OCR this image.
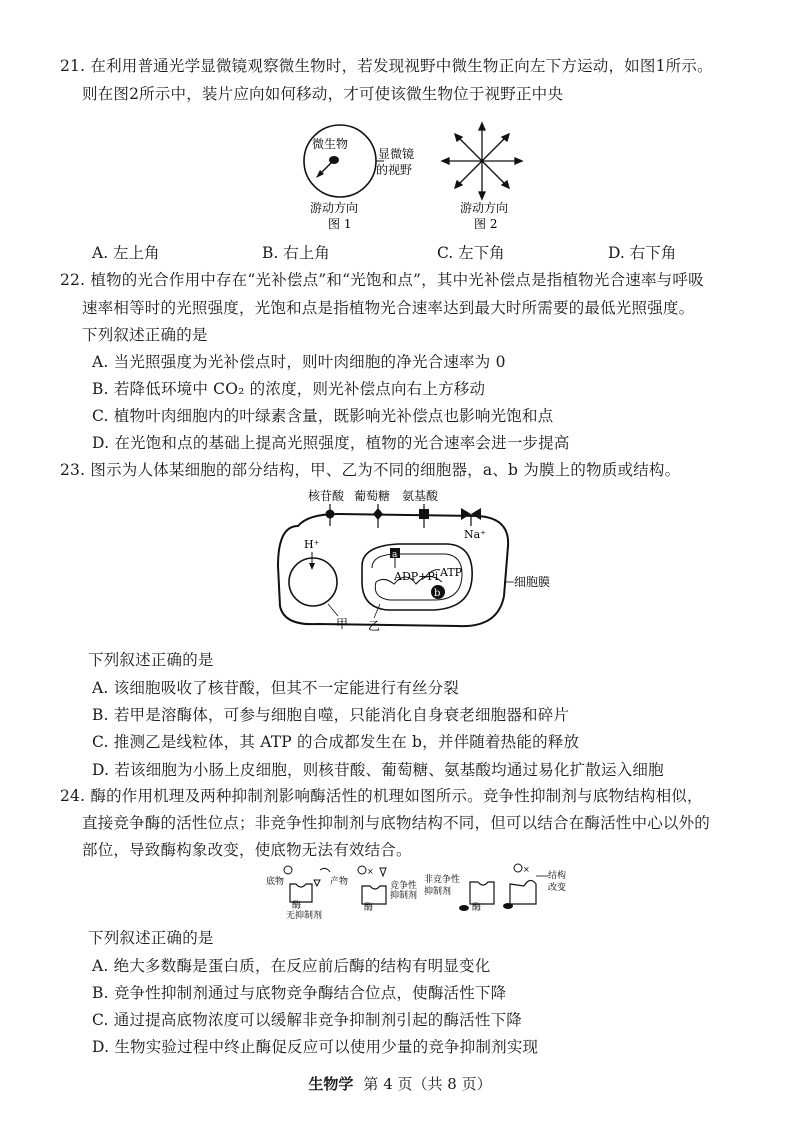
21. 在利用普通光学显微镜观察微生物时，若发现视野中微生物正向左下方运动，如图1所示。
则在图2所示中，装片应向如何移动，才可使该微生物位于视野正中央
微生物
显微镜
的视野
游动方向
图 1
游动方向
图 2
A. 左上角	B. 右上角	C. 左下角	D. 右下角
22. 植物的光合作用中存在“光补偿点”和“光饱和点”，其中光补偿点是指植物光合速率与呼吸
速率相等时的光照强度，光饱和点是指植物光合速率达到最大时所需要的最低光照强度。
下列叙述正确的是
A. 当光照强度为光补偿点时，则叶肉细胞的净光合速率为 0
B. 若降低环境中 CO₂ 的浓度，则光补偿点向右上方移动
C. 植物叶肉细胞内的叶绿素含量，既影响光补偿点也影响光饱和点
D. 在光饱和点的基础上提高光照强度，植物的光合速率会进一步提高
23. 图示为人体某细胞的部分结构，甲、乙为不同的细胞器，a、b 为膜上的物质或结构。
核苷酸 葡萄糖 氨基酸
Na⁺
H⁺
甲
a
ADP+Pi ATP
b
乙
细胞膜
下列叙述正确的是
A. 该细胞吸收了核苷酸，但其不一定能进行有丝分裂
B. 若甲是溶酶体，可参与细胞自噬，只能消化自身衰老细胞器和碎片
C. 推测乙是线粒体，其 ATP 的合成都发生在 b，并伴随着热能的释放
D. 若该细胞为小肠上皮细胞，则核苷酸、葡萄糖、氨基酸均通过易化扩散运入细胞
24. 酶的作用机理及两种抑制剂影响酶活性的机理如图所示。竞争性抑制剂与底物结构相似，
直接竞争酶的活性位点；非竞争性抑制剂与底物结构不同，但可以结合在酶活性中心以外的
部位，导致酶构象改变，使底物无法有效结合。
底物
酶
产物
无抑制剂
×
酶
竞争性
抑制剂
非竞争性
抑制剂
酶
×
结构
改变
下列叙述正确的是
A. 绝大多数酶是蛋白质，在反应前后酶的结构有明显变化
B. 竞争性抑制剂通过与底物竞争酶结合位点，使酶活性下降
C. 通过提高底物浓度可以缓解非竞争抑制剂引起的酶活性下降
D. 生物实验过程中终止酶促反应可以使用少量的竞争抑制剂实现
生物学 第 4 页（共 8 页）
